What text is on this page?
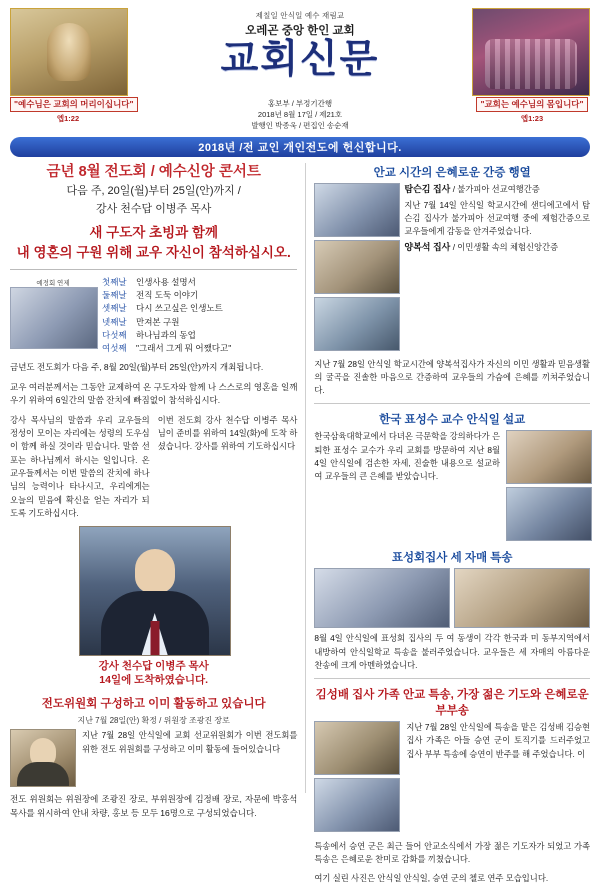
제칠일 안식일 예수 재림교
오레곤 중앙 한인 교회
교회신문
"예수님은 교회의 머리이십니다"
엡1:22
홍보부 / 부정기간행
2018년 8월 17일 / 제21호
발행인 박종욱 / 편집인 송순재
"교회는 예수님의 몸입니다"
엡1:23
2018년 /전 교인 개인전도에 헌신합니다.
금년 8월 전도회 / 예수신앙 콘서트
다음 주, 20일(월)부터 25일(안)까지 /
강사 천수답 이병주 목사
새 구도자 초빙과 함께
내 영혼의 구원 위해 교우 자신이 참석하십시오.
예정회 연제	첫째날	인생사용 설명서
둘째날	전직 도둑 이야기
셋째날	다시 쓰고싶은 인생노트
넷째날	만져본 구원
다섯째	하나님과의 동업
여섯째	"그래서 그게 뭐 어쨌다고"
금년도 전도회가 다음 주, 8월 20일(월)부터 25일(안)까지 개최됩니다.
교우 여러분께서는 그동안 교제하여 온 구도자와 함께 나 스스로의 영혼을 일깨우기 위하여 6일간의 말씀 잔치에 빠짐없이 참석하십시다.
강사 목사님의 말씀과 우리 교우들의 정성이 모이는 자리에는 성령의 도우심이 함께 하실 것이라 믿습니다. 말씀 선포는 하나님께서 하시는 일입니다. 온 교우들께서는 이번 말씀의 잔치에 하나님의 능력이나 타나시고, 우리에게는 오늘의 믿음에 확신을 얻는 자리가 되도록 기도하십시다.
이번 전도회 강사 천수답 이병주 목사님이 준비를 위하여 14일(화)에 도착 하셨습니다. 강사를 위하여 기도하십시다
강사 천수답 이병주 목사
14일에 도착하였습니다.
전도위원회 구성하고 이미 활동하고 있습니다
지난 7월 28일(안) 확정 / 위원장 조광진 장로
지난 7월 28일 안식일에 교회 선교위원회가 이번 전도회를 위한 전도 위원회를 구성하고 이미 활동에 들어있습니다
전도 위원회는 위원장에 조광진 장로, 부위원장에 김정배 장로, 자문에 박홍석 목사를 위시하여 안내 차량, 홍보 등 모두 16명으로 구성되었습니다.
안교 시간의 은혜로운 간증 행열
탐슨김 집사 / 불가피아 선교여행간증
지난 7월 14일 안식일 학교시간에 샌디에고에서 탐슨김 집사가 불가피아 선교여행 중에 제험간증으로 교우들에게 감동을 안겨주었습니다.
양복석 집사 / 이민생활 속의 체험신앙간증
지난 7월 28일 안식일 학교시간에 양복석집사가 자신의 이민 생활과 믿음생활의 굴곡을 진솔한 마음으로 간증하여 교우들의 가슴에 은혜를 끼쳐주었습니다.
한국 표성수 교수 안식일 설교
한국삼육대학교에서 다녀온 극문학을 강의하다가 은퇴한 표성수 교수가 우리 교회를 방문하여 지난 8월4일 안식일에 검손한 자세, 진술한 내용으로 설교하여 교우들의 큰 은혜를 받았습니다.
표성회집사 세 자매 특송
8월 4일 안식일에 표성회 집사의 두 여 동생이 각각 한국과 미 동부지역에서 내방하여 안식일학교 특송을 불러주었습니다. 교우들은 세 자매의 아름다운 찬송에 크게 아멘하였습니다.
김성배 집사 가족 안교 특송, 가장 젊은 기도와 은혜로운 부부송
지난 7월 28일 안식일에 특송을 맡은 김성배 김승현집사 가족은 아들 승연 군이 토직기를 드러주었고 집사 부부 특송에 승연이 반주를 해 주었습니다. 이
특송에서 승연 군은 최근 들어 안교소식에서 가장 젊은 기도자가 되었고 가족특송은 은혜로운 찬미로 감화를 끼쳤습니다.
여기 실린 사진은 안식일 안식일, 승연 군의 첼로 연주 모습입니다.
